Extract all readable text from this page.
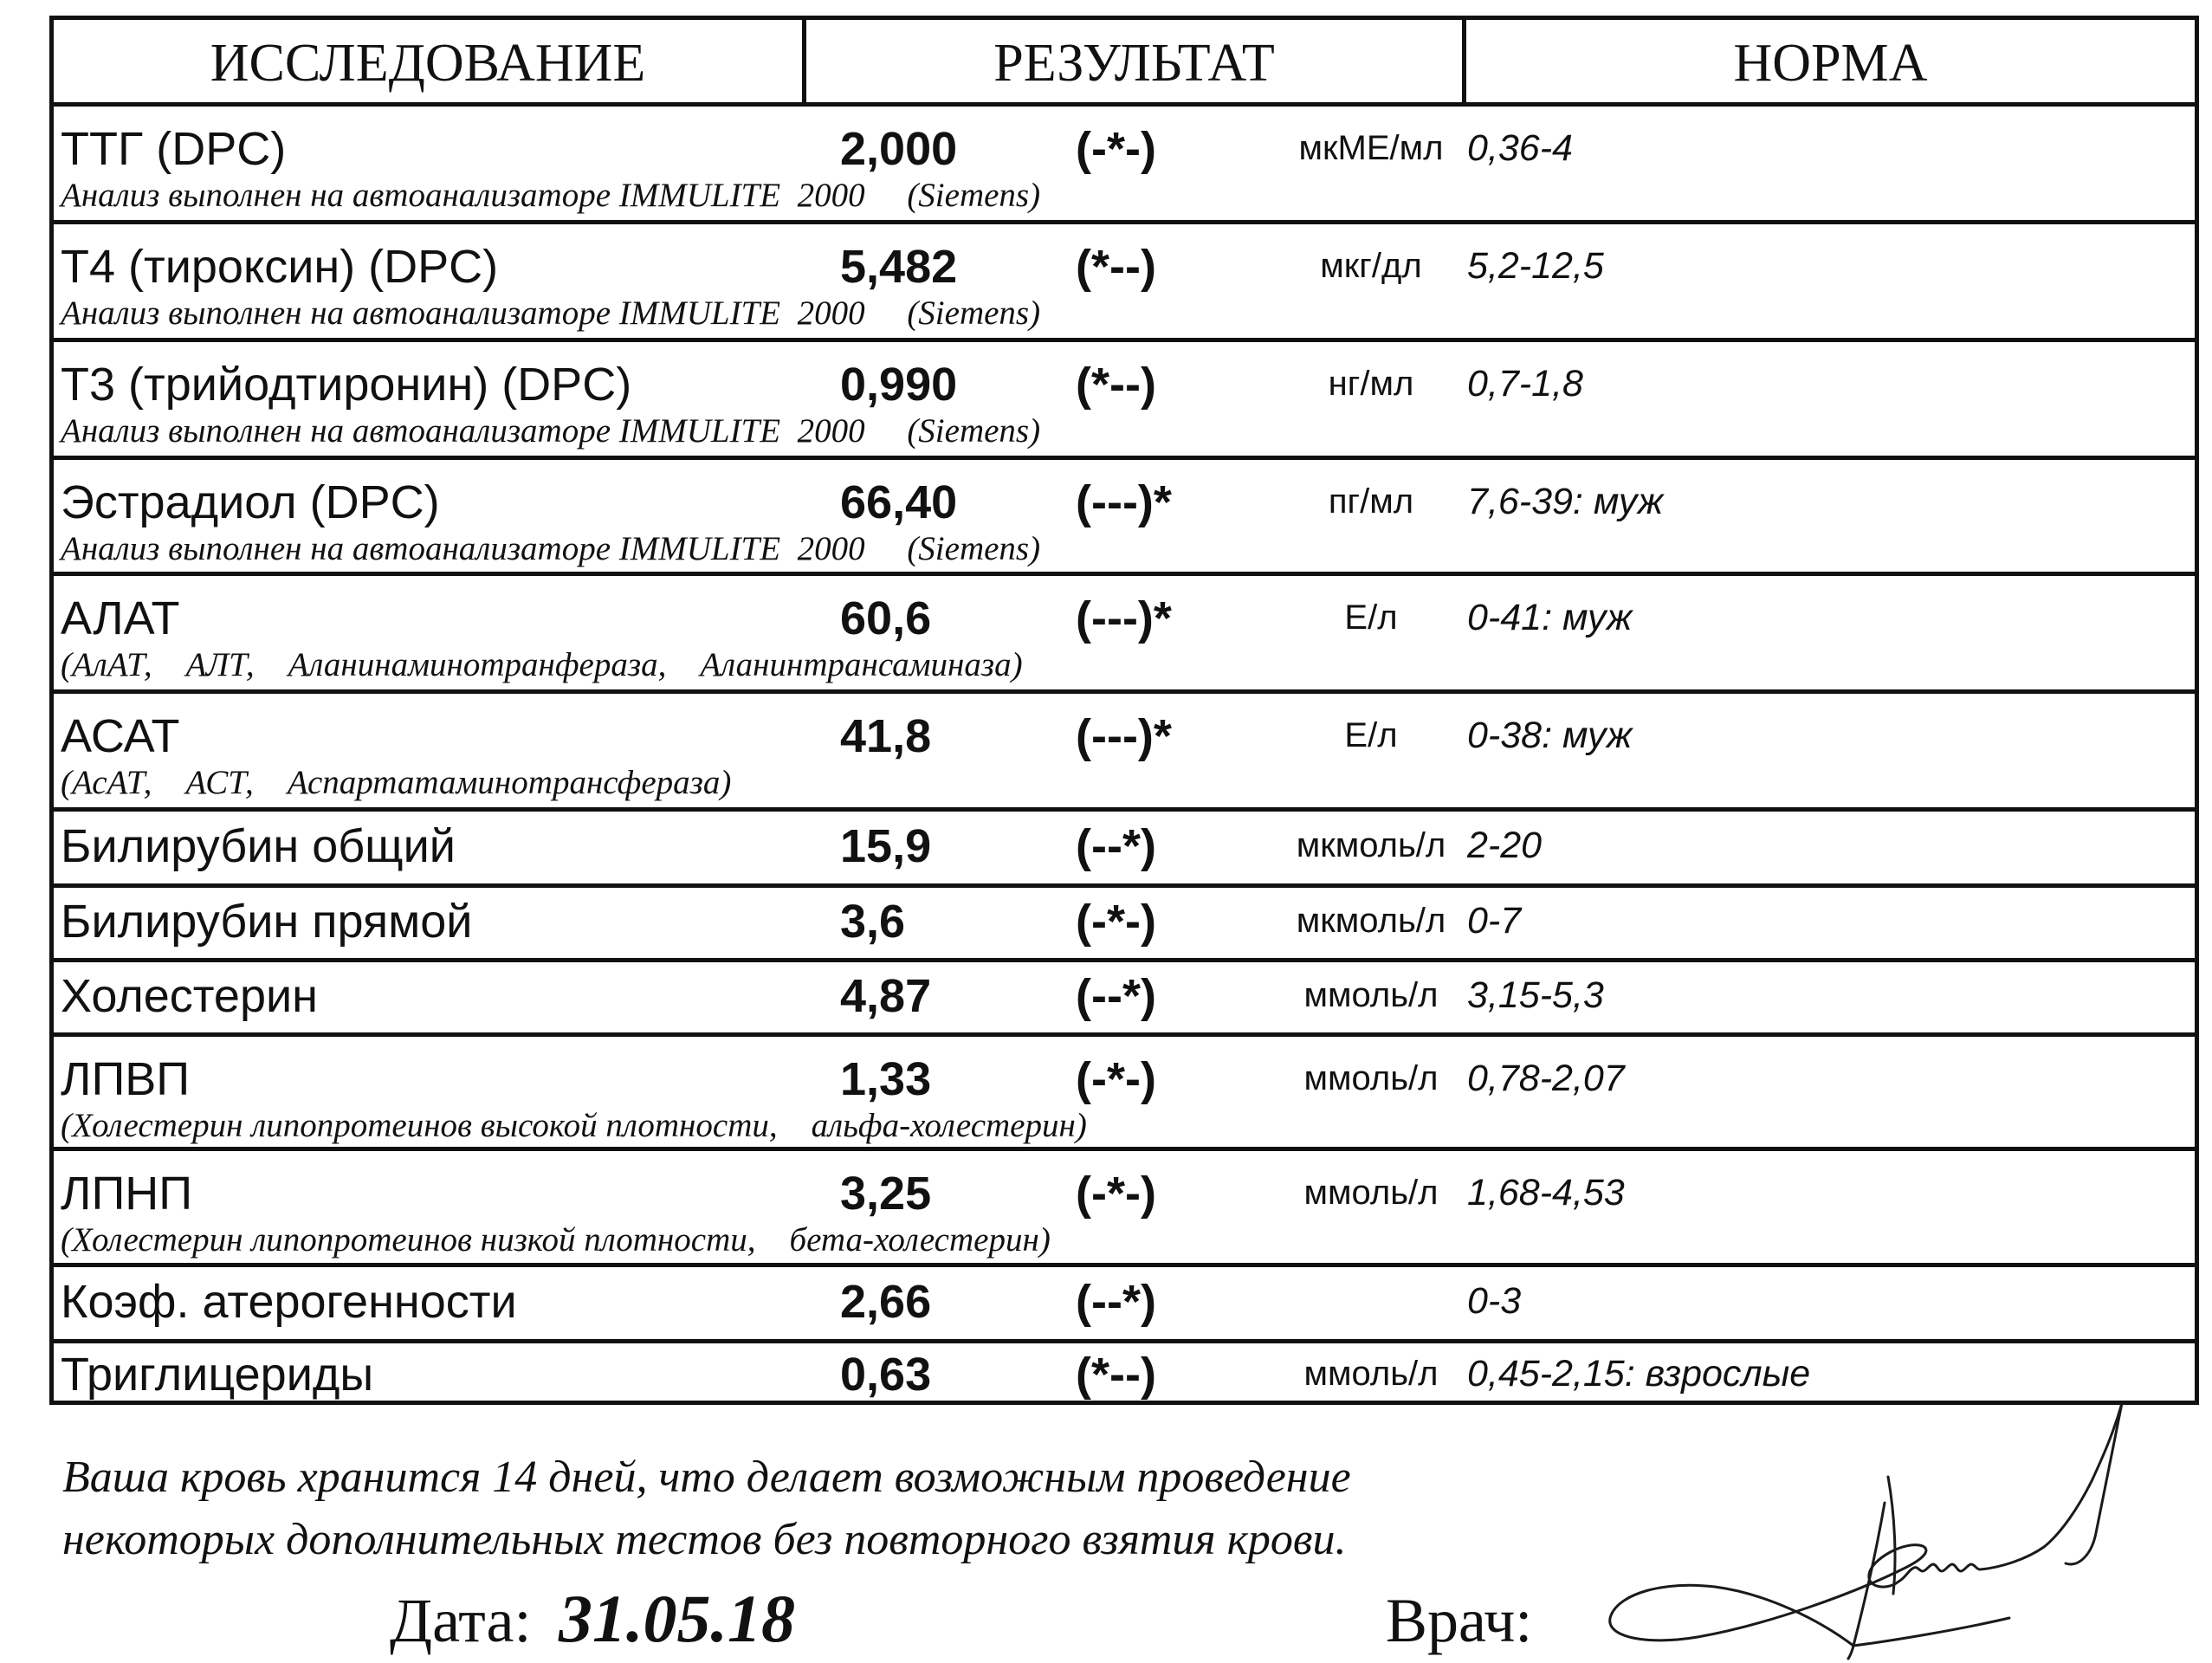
ИССЛЕДОВАНИЕ	РЕЗУЛЬТАТ	НОРМА
ТТГ (DPC)	2,000	(-*-)	мкМЕ/мл 0,36-4
Анализ выполнен на автоанализаторе IMMULITE  2000     (Siemens)
Т4 (тироксин) (DPC)	5,482	(*--)	мкг/дл	5,2-12,5
Анализ выполнен на автоанализаторе IMMULITE  2000     (Siemens)
Т3 (трийодтиронин) (DPC)	0,990	(*--)	нг/мл	0,7-1,8
Анализ выполнен на автоанализаторе IMMULITE  2000     (Siemens)
Эстрадиол (DPC)	66,40	(---)*	пг/мл	7,6-39: муж
Анализ выполнен на автоанализаторе IMMULITE  2000     (Siemens)
АЛАТ	60,6	(---)*	Е/л	0-41: муж
(АлАТ,    АЛТ,    Аланинаминотранфераза,    Аланинтрансаминаза)
АСАТ	41,8	(---)*	Е/л	0-38: муж
(АсАТ,    АСТ,    Аспартатаминотрансфераза)
Билирубин общий	15,9	(--*)	мкмоль/л 2-20
Билирубин прямой	3,6	(-*-)	мкмоль/л 0-7
Холестерин	4,87	(--*)	ммоль/л 3,15-5,3
ЛПВП	1,33	(-*-)	ммоль/л 0,78-2,07
(Холестерин липопротеинов высокой плотности,    альфа-холестерин)
ЛПНП	3,25	(-*-)	ммоль/л 1,68-4,53
(Холестерин липопротеинов низкой плотности,    бета-холестерин)
Коэф. атерогенности	2,66	(--*)	0-3
Триглицериды	0,63	(*--)	ммоль/л 0,45-2,15: взрослые
Ваша кровь хранится 14 дней, что делает возможным проведение
некоторых дополнительных тестов без повторного взятия крови.
Дата: 31.05.18	Врач:
